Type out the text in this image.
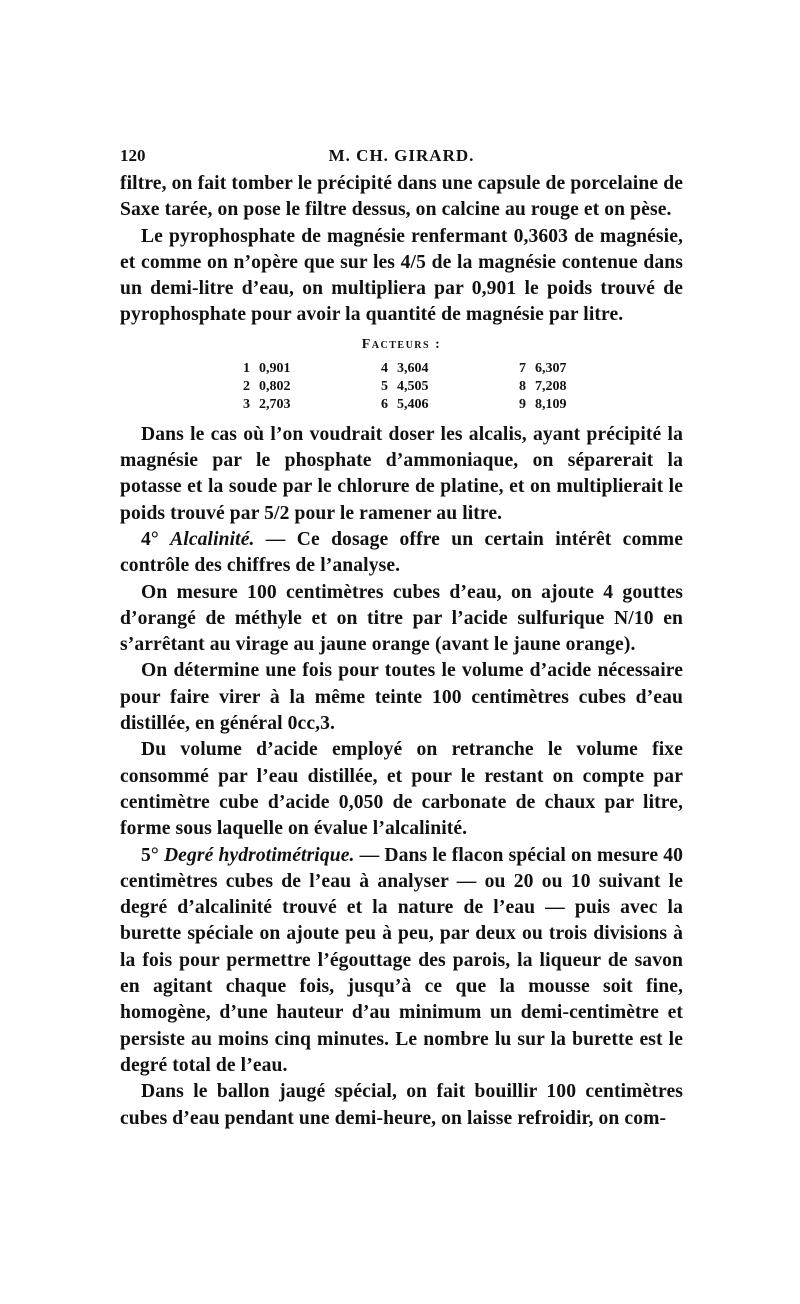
120	M. CH. GIRARD.

filtre, on fait tomber le précipité dans une capsule de porcelaine de Saxe tarée, on pose le filtre dessus, on calcine au rouge et on pèse.

Le pyrophosphate de magnésie renfermant 0,3603 de magnésie, et comme on n’opère que sur les 4/5 de la magnésie contenue dans un demi-litre d’eau, on multipliera par 0,901 le poids trouvé de pyrophosphate pour avoir la quantité de magnésie par litre.

Facteurs :
1 0,901	4 3,604	7 6,307
2 0,802	5 4,505	8 7,208
3 2,703	6 5,406	9 8,109

Dans le cas où l’on voudrait doser les alcalis, ayant précipité la magnésie par le phosphate d’ammoniaque, on séparerait la potasse et la soude par le chlorure de platine, et on multiplierait le poids trouvé par 5/2 pour le ramener au litre.

4° Alcalinité. — Ce dosage offre un certain intérêt comme contrôle des chiffres de l’analyse.

On mesure 100 centimètres cubes d’eau, on ajoute 4 gouttes d’orangé de méthyle et on titre par l’acide sulfurique N/10 en s’arrêtant au virage au jaune orange (avant le jaune orange).

On détermine une fois pour toutes le volume d’acide nécessaire pour faire virer à la même teinte 100 centimètres cubes d’eau distillée, en général 0cc,3.

Du volume d’acide employé on retranche le volume fixe consommé par l’eau distillée, et pour le restant on compte par centimètre cube d’acide 0,050 de carbonate de chaux par litre, forme sous laquelle on évalue l’alcalinité.

5° Degré hydrotimétrique. — Dans le flacon spécial on mesure 40 centimètres cubes de l’eau à analyser — ou 20 ou 10 suivant le degré d’alcalinité trouvé et la nature de l’eau — puis avec la burette spéciale on ajoute peu à peu, par deux ou trois divisions à la fois pour permettre l’égouttage des parois, la liqueur de savon en agitant chaque fois, jusqu’à ce que la mousse soit fine, homogène, d’une hauteur d’au minimum un demi-centimètre et persiste au moins cinq minutes. Le nombre lu sur la burette est le degré total de l’eau.

Dans le ballon jaugé spécial, on fait bouillir 100 centimètres cubes d’eau pendant une demi-heure, on laisse refroidir, on com-
